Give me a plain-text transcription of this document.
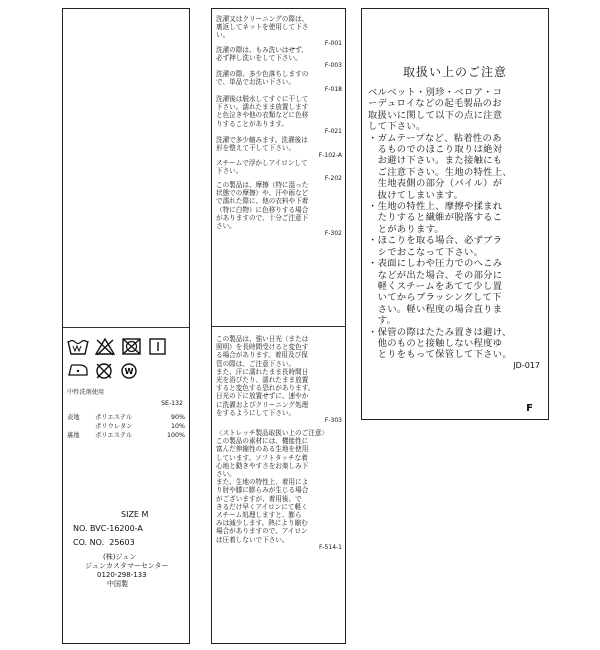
W
中性洗剤使用
SE-132
表地	ポリエステル	90%
ポリウレタン	10%
裏地	ポリエステル	100%
SIZE M
NO. BVC-16200-A
CO. NO.  25603
(株)ジュン
ジュンカスタマーセンター
0120-298-133
中国製
洗濯又はクリーニングの際は、
裏返してネットを使用して下さ
い。
F-001
洗濯の際は、もみ洗いはせず、
必ず押し洗いをして下さい。
F-003
洗濯の際、多少色落ちしますの
で、単品でお洗い下さい。
F-018
洗濯後は脱水してすぐに干して
下さい。濡れたまま放置します
と色泣きや他の衣類などに色移
りすることがあります。
F-021
洗濯で多少縮みます。洗濯後は
形を整えて干して下さい。
F-102-A
スチームで浮かしアイロンして
下さい。
F-202
この製品は、摩擦（特に湿った
状態での摩擦）や、汗や雨など
で濡れた際に、他の衣料や下着
（特に白物）に色移りする場合
がありますので、十分ご注意下
さい。
F-302
この製品は、強い日光（または
照明）を長時間受けると変色す
る場合があります。着用及び保
管の際は、ご注意下さい。
また、汗に濡れたまま長時間日
光を浴びたり、濡れたまま放置
すると変色する恐れがあります。
日光の下に放置せずに、速やか
に洗濯およびクリーニング処理
をするようにして下さい。
F-303
〈ストレッチ製品取扱い上のご注意〉
この製品の素材には、機能性に
富んだ伸縮性のある生地を使用
しています。ソフトタッチな着
心地と動きやすさをお楽しみ下
さい。
また、生地の特性上、着用によ
り肘や膝に膨らみが生じる場合
がございますが、着用後、で
きるだけ早くアイロンにて軽く
スチーム処理しますと、膨ら
みは減少します。熱により縮む
場合がありますので、アイロン
は圧着しないで下さい。
F-514-1
取扱い上のご注意
ベルベット・別珍・ベロア・コ
ーデュロイなどの起毛製品のお
取扱いに関して以下の点に注意
して下さい。
・ガムテープなど、粘着性のあ
　るものでのほこり取りは絶対
　お避け下さい。また接触にも
　ご注意下さい。生地の特性上、
　生地表側の部分（パイル）が
　抜けてしまいます。
・生地の特性上、摩擦や揉まれ
　たりすると繊維が脱落するこ
　とがあります。
・ほこりを取る場合、必ずブラ
　シでおこなって下さい。
・表面にしわや圧力でのへこみ
　などが出た場合、その部分に
　軽くスチームをあてて少し置
　いてからブラッシングして下
　さい。軽い程度の場合直りま
　す。
・保管の際はたたみ置きは避け、
　他のものと接触しない程度ゆ
　とりをもって保管して下さい。
JD-017
F
